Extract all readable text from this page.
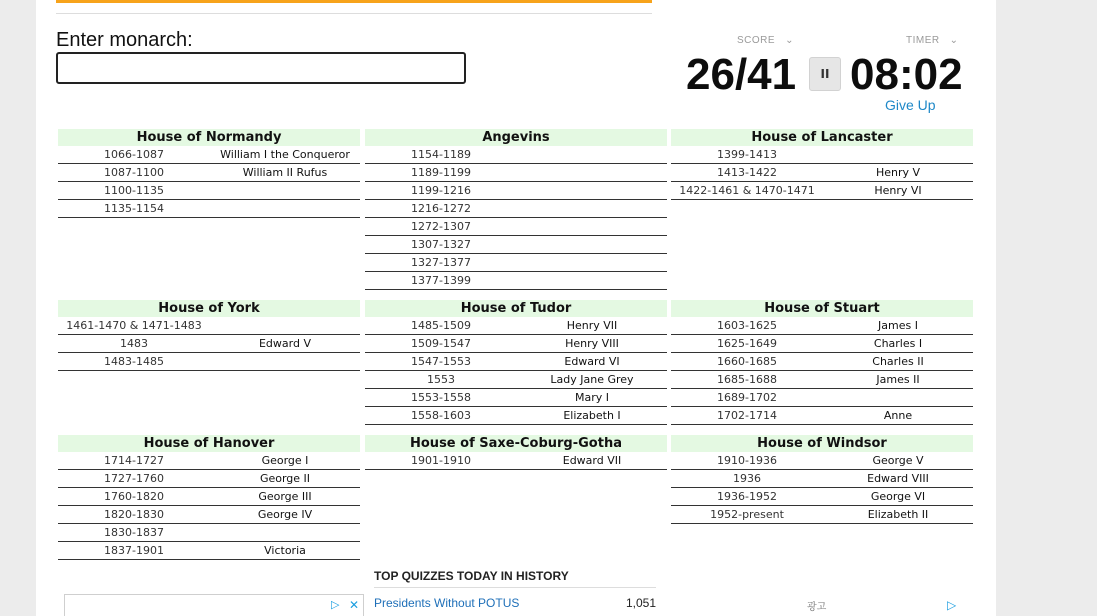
Enter monarch:	SCORE ⌄	TIMER ⌄
26/41 II 08:02
Give Up
House of Normandy
1066-1087	William I the Conqueror
1087-1100	William II Rufus
1100-1135
1135-1154
Angevins
1154-1189
1189-1199
1199-1216
1216-1272
1272-1307
1307-1327
1327-1377
1377-1399
House of Lancaster
1399-1413
1413-1422	Henry V
1422-1461 & 1470-1471	Henry VI
House of York
1461-1470 & 1471-1483
1483	Edward V
1483-1485
House of Tudor
1485-1509	Henry VII
1509-1547	Henry VIII
1547-1553	Edward VI
1553	Lady Jane Grey
1553-1558	Mary I
1558-1603	Elizabeth I
House of Stuart
1603-1625	James I
1625-1649	Charles I
1660-1685	Charles II
1685-1688	James II
1689-1702
1702-1714	Anne
House of Hanover
1714-1727	George I
1727-1760	George II
1760-1820	George III
1820-1830	George IV
1830-1837
1837-1901	Victoria
House of Saxe-Coburg-Gotha
1901-1910	Edward VII
House of Windsor
1910-1936	George V
1936	Edward VIII
1936-1952	George VI
1952-present	Elizabeth II
TOP QUIZZES TODAY IN HISTORY
Presidents Without POTUS	1,051
▷ ✕	광고	▷
